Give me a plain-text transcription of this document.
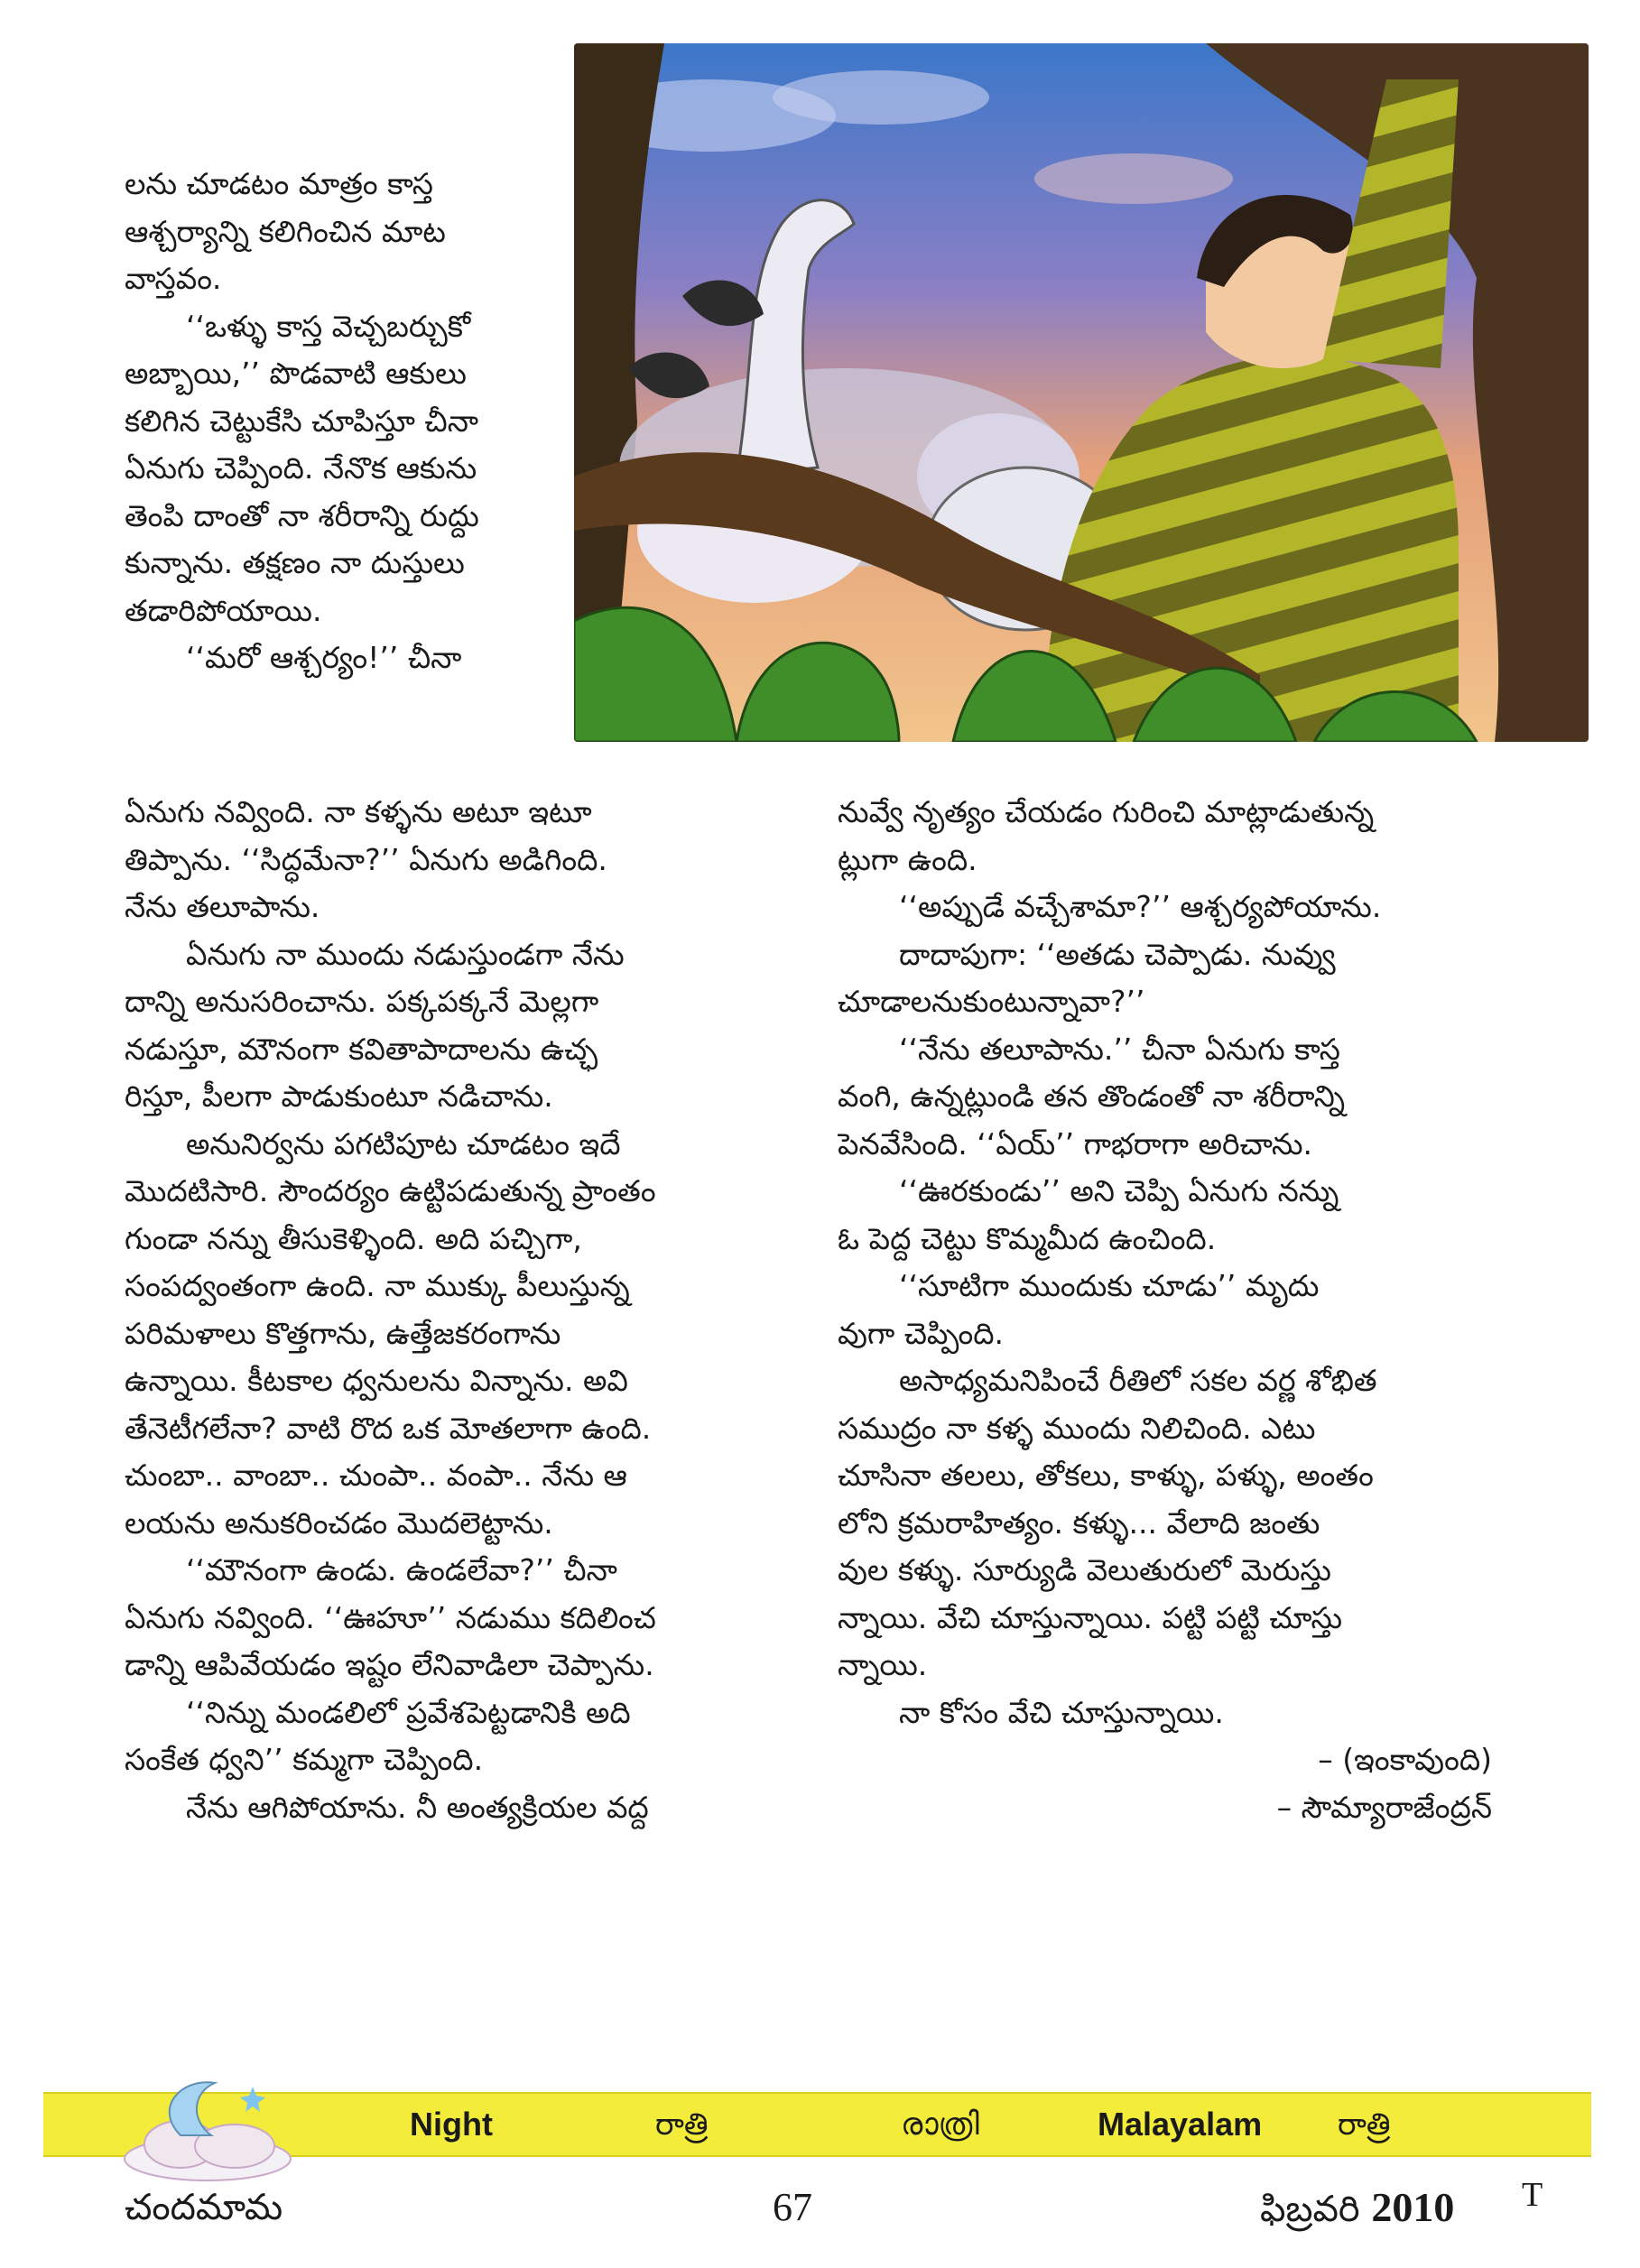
లను చూడటం మాత్రం కాస్త

ఆశ్చర్యాన్ని కలిగించిన మాట

వాస్తవం.

‘‘ఒళ్ళు కాస్త వెచ్చబర్చుకో

అబ్బాయి,’’ పొడవాటి ఆకులు

కలిగిన చెట్టుకేసి చూపిస్తూ చీనా

ఏనుగు చెప్పింది. నేనొక ఆకును

తెంపి దాంతో నా శరీరాన్ని రుద్దు

కున్నాను. తక్షణం నా దుస్తులు

తడారిపోయాయి.

‘‘మరో ఆశ్చర్యం!’’ చీనా

ఏనుగు నవ్వింది. నా కళ్ళను అటూ ఇటూ

తిప్పాను. ‘‘సిద్ధమేనా?’’ ఏనుగు అడిగింది.

నేను తలూపాను.

ఏనుగు నా ముందు నడుస్తుండగా నేను

దాన్ని అనుసరించాను. పక్కపక్కనే మెల్లగా

నడుస్తూ, మౌనంగా కవితాపాదాలను ఉచ్ఛ

రిస్తూ, పీలగా పాడుకుంటూ నడిచాను.

అనునిర్వను పగటిపూట చూడటం ఇదే

మొదటిసారి. సౌందర్యం ఉట్టిపడుతున్న ప్రాంతం

గుండా నన్ను తీసుకెళ్ళింది. అది పచ్చిగా,

సంపద్వంతంగా ఉంది. నా ముక్కు పీలుస్తున్న

పరిమళాలు కొత్తగాను, ఉత్తేజకరంగాను

ఉన్నాయి. కీటకాల ధ్వనులను విన్నాను. అవి

తేనెటీగలేనా? వాటి రొద ఒక మోతలాగా ఉంది.

చుంబా.. వాంబా.. చుంపా.. వంపా.. నేను ఆ

లయను అనుకరించడం మొదలెట్టాను.

‘‘మౌనంగా ఉండు. ఉండలేవా?’’ చీనా

ఏనుగు నవ్వింది. ‘‘ఊహూ’’ నడుము కదిలించ

డాన్ని ఆపివేయడం ఇష్టం లేనివాడిలా చెప్పాను.

‘‘నిన్ను మండలిలో ప్రవేశపెట్టడానికి అది

సంకేత ధ్వని’’ కమ్మగా చెప్పింది.

నేను ఆగిపోయాను. నీ అంత్యక్రియల వద్ద

నువ్వే నృత్యం చేయడం గురించి మాట్లాడుతున్న

ట్లుగా ఉంది.

‘‘అప్పుడే వచ్చేశామా?’’ ఆశ్చర్యపోయాను.

దాదాపుగా: ‘‘అతడు చెప్పాడు. నువ్వు

చూడాలనుకుంటున్నావా?’’

‘‘నేను తలూపాను.’’ చీనా ఏనుగు కాస్త

వంగి, ఉన్నట్లుండి తన తొండంతో నా శరీరాన్ని

పెనవేసింది. ‘‘ఏయ్’’ గాభరాగా అరిచాను.

‘‘ఊరకుండు’’ అని చెప్పి ఏనుగు నన్ను

ఓ పెద్ద చెట్టు కొమ్మమీద ఉంచింది.

‘‘సూటిగా ముందుకు చూడు’’ మృదు

వుగా చెప్పింది.

అసాధ్యమనిపించే రీతిలో సకల వర్ణ శోభిత

సముద్రం నా కళ్ళ ముందు నిలిచింది. ఎటు

చూసినా తలలు, తోకలు, కాళ్ళు, పళ్ళు, అంతం

లోని క్రమరాహిత్యం. కళ్ళు... వేలాది జంతు

వుల కళ్ళు. సూర్యుడి వెలుతురులో మెరుస్తు

న్నాయి. వేచి చూస్తున్నాయి. పట్టి పట్టి చూస్తు

న్నాయి.

నా కోసం వేచి చూస్తున్నాయి.

– (ఇంకావుంది)

– సౌమ్యారాజేంద్రన్

Night	రాత్రి	രാത്രി	Malayalam రాత్రి
చందమామ	67	ఫిబ్రవరి 2010 T
